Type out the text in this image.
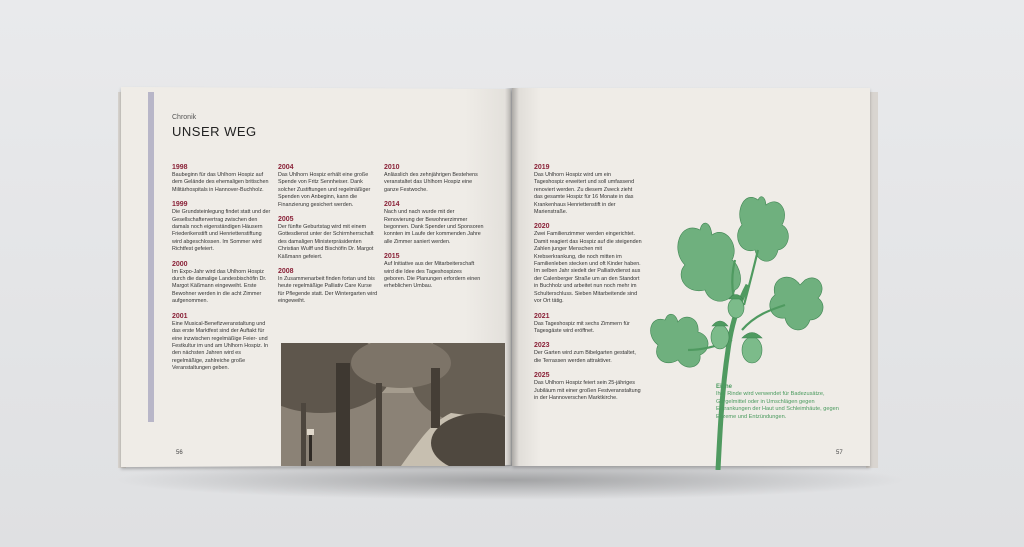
Chronik
UNSER WEG
1998
Baubeginn für das Uhlhorn Hospiz auf dem Gelände des ehemaligen britischen Militärhospitals in Hannover-Buchholz.
1999
Die Grundsteinlegung findet statt und der Gesellschaftervertrag zwischen den damals noch eigenständigen Häusern Friederikenstift und Henriettenstiftung wird abgeschlossen. Im Sommer wird Richtfest gefeiert.
2000
Im Expo-Jahr wird das Uhlhorn Hospiz durch die damalige Landesbischöfin Dr. Margot Käßmann eingeweiht. Erste Bewohner werden in die acht Zimmer aufgenommen.
2001
Eine Musical-Benefizveranstaltung und das erste Marktfest sind der Auftakt für eine inzwischen regelmäßige Feier- und Festkultur im und am Uhlhorn Hospiz. In den nächsten Jahren wird es regelmäßige, zahlreiche große Veranstaltungen geben.
2004
Das Uhlhorn Hospiz erhält eine große Spende von Fritz Sennheiser. Dank solcher Zustiftungen und regelmäßiger Spenden von Anbeginn, kann die Finanzierung gesichert werden.
2005
Der fünfte Geburtstag wird mit einem Gottesdienst unter der Schirmherrschaft des damaligen Ministerpräsidenten Christian Wulff und Bischöfin Dr. Margot Käßmann gefeiert.
2008
In Zusammenarbeit finden fortan und bis heute regelmäßige Palliativ Care Kurse für Pflegende statt. Der Wintergarten wird eingeweiht.
2010
Anlässlich des zehnjährigen Bestehens veranstaltet das Uhlhorn Hospiz eine ganze Festwoche.
2014
Nach und nach wurde mit der Renovierung der Bewohnerzimmer begonnen. Dank Spender und Sponsoren konnten im Laufe der kommenden Jahre alle Zimmer saniert werden.
2015
Auf Initiative aus der Mitarbeiterschaft wird die Idee des Tageshospizes geboren. Die Planungen erfordern einen erheblichen Umbau.
56
2019
Das Uhlhorn Hospiz wird um ein Tageshospiz erweitert und soll umfassend renoviert werden. Zu diesem Zweck zieht das gesamte Hospiz für 16 Monate in das Krankenhaus Henriettenstift in der Marienstraße.
2020
Zwei Familienzimmer werden eingerichtet. Damit reagiert das Hospiz auf die steigenden Zahlen junger Menschen mit Krebserkrankung, die noch mitten im Familienleben stecken und oft Kinder haben. Im selben Jahr siedelt der Palliativdienst aus der Calenberger Straße um an den Standort in Buchholz und arbeitet nun noch mehr im Schulterschluss. Sieben Mitarbeitende sind vor Ort tätig.
2021
Das Tageshospiz mit sechs Zimmern für Tagesgäste wird eröffnet.
2023
Der Garten wird zum Bibelgarten gestaltet, die Terrassen werden attraktiver.
2025
Das Uhlhorn Hospiz feiert sein 25-jähriges Jubiläum mit einer großen Festveranstaltung in der Hannoverschen Marktkirche.
Eiche
Ihre Rinde wird verwendet für Badezusätze, Gurgelmittel oder in Umschlägen gegen Erkrankungen der Haut und Schleimhäute, gegen Ekzeme und Entzündungen.
57
